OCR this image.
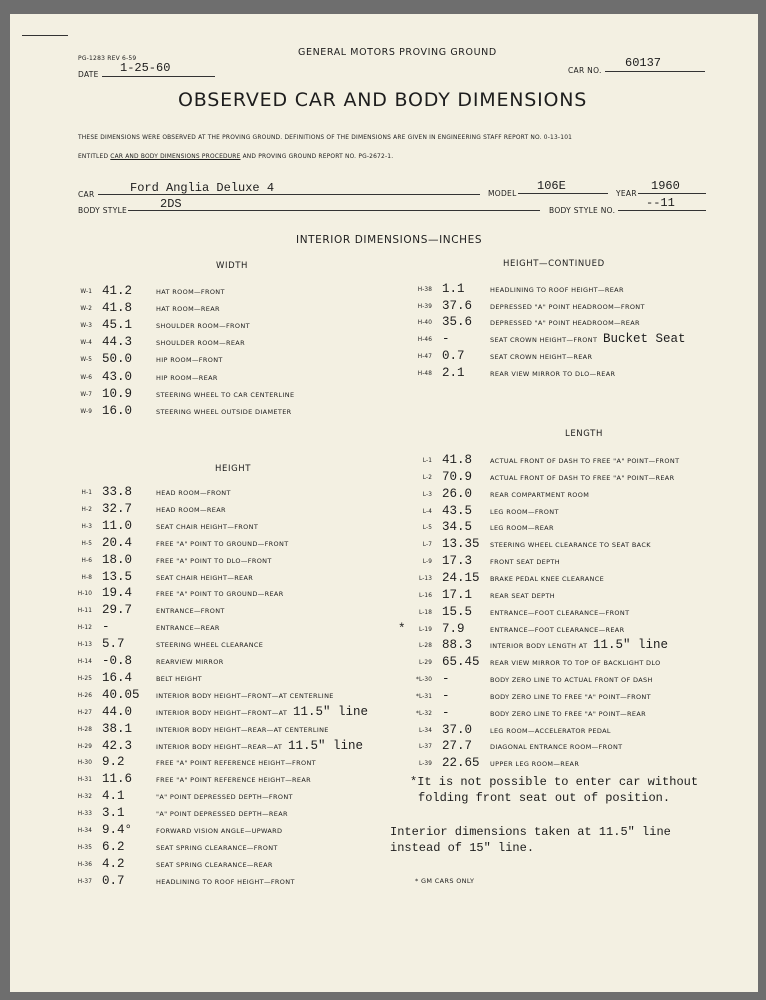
PG-1283 REV 6-59
GENERAL MOTORS PROVING GROUND
DATE 1-25-60	CAR NO.
60137
OBSERVED CAR AND BODY DIMENSIONS
THESE DIMENSIONS WERE OBSERVED AT THE PROVING GROUND. DEFINITIONS OF THE DIMENSIONS ARE GIVEN IN ENGINEERING STAFF REPORT NO. 0-13-101
ENTITLED CAR AND BODY DIMENSIONS PROCEDURE AND PROVING GROUND REPORT NO. PG-2672-1.
CAR	Ford Anglia Deluxe 4	MODEL
106E
YEAR
1960
BODY STYLE	2DS	BODY STYLE NO.
--11
INTERIOR DIMENSIONS—INCHES
WIDTH	HEIGHT—CONTINUED
LENGTH
HEIGHT
W-1 41.2	HAT ROOM—FRONT
W-2 41.8	HAT ROOM—REAR
W-3 45.1	SHOULDER ROOM—FRONT
W-4 44.3	SHOULDER ROOM—REAR
W-5 50.0	HIP ROOM—FRONT
W-6 43.0	HIP ROOM—REAR
W-7 10.9	STEERING WHEEL TO CAR CENTERLINE
W-9 16.0	STEERING WHEEL OUTSIDE DIAMETER
H-1 33.8	HEAD ROOM—FRONT
H-2 32.7	HEAD ROOM—REAR
H-3 11.0	SEAT CHAIR HEIGHT—FRONT
H-5 20.4	FREE "A" POINT TO GROUND—FRONT
H-6 18.0	FREE "A" POINT TO DLO—FRONT
H-8 13.5	SEAT CHAIR HEIGHT—REAR
H-10 19.4	FREE "A" POINT TO GROUND—REAR
H-11 29.7	ENTRANCE—FRONT
H-12 -	ENTRANCE—REAR
H-13 5.7	STEERING WHEEL CLEARANCE
H-14 -0.8	REARVIEW MIRROR
H-25 16.4	BELT HEIGHT
H-26 40.05	INTERIOR BODY HEIGHT—FRONT—AT CENTERLINE
H-27 44.0	INTERIOR BODY HEIGHT—FRONT—AT 11.5" line
H-28 38.1	INTERIOR BODY HEIGHT—REAR—AT CENTERLINE
H-29 42.3	INTERIOR BODY HEIGHT—REAR—AT 11.5" line
H-30 9.2	FREE "A" POINT REFERENCE HEIGHT—FRONT
H-31 11.6	FREE "A" POINT REFERENCE HEIGHT—REAR
H-32 4.1	"A" POINT DEPRESSED DEPTH—FRONT
H-33 3.1	"A" POINT DEPRESSED DEPTH—REAR
H-34 9.4°	FORWARD VISION ANGLE—UPWARD
H-35 6.2	SEAT SPRING CLEARANCE—FRONT
H-36 4.2	SEAT SPRING CLEARANCE—REAR
H-37 0.7	HEADLINING TO ROOF HEIGHT—FRONT
H-38 1.1	HEADLINING TO ROOF HEIGHT—REAR
H-39 37.6	DEPRESSED "A" POINT HEADROOM—FRONT
H-40 35.6	DEPRESSED "A" POINT HEADROOM—REAR
H-46 -	SEAT CROWN HEIGHT—FRONT Bucket Seat
H-47 0.7	SEAT CROWN HEIGHT—REAR
H-48 2.1	REAR VIEW MIRROR TO DLO—REAR
L-1 41.8	ACTUAL FRONT OF DASH TO FREE "A" POINT—FRONT
L-2 70.9	ACTUAL FRONT OF DASH TO FREE "A" POINT—REAR
L-3 26.0	REAR COMPARTMENT ROOM
L-4 43.5	LEG ROOM—FRONT
L-5 34.5	LEG ROOM—REAR
L-7 13.35 STEERING WHEEL CLEARANCE TO SEAT BACK
L-9 17.3	FRONT SEAT DEPTH
L-13 24.15 BRAKE PEDAL KNEE CLEARANCE
L-16 17.1	REAR SEAT DEPTH
L-18 15.5	ENTRANCE—FOOT CLEARANCE—FRONT
*	L-19 7.9	ENTRANCE—FOOT CLEARANCE—REAR
L-28 88.3	INTERIOR BODY LENGTH AT 11.5" line
L-29 65.45 REAR VIEW MIRROR TO TOP OF BACKLIGHT DLO
*L-30 -	BODY ZERO LINE TO ACTUAL FRONT OF DASH
*L-31 -	BODY ZERO LINE TO FREE "A" POINT—FRONT
*L-32 -	BODY ZERO LINE TO FREE "A" POINT—REAR
L-34 37.0	LEG ROOM—ACCELERATOR PEDAL
L-37 27.7	DIAGONAL ENTRANCE ROOM—FRONT
L-39 22.65 UPPER LEG ROOM—REAR
*It is not possible to enter car without
folding front seat out of position.
Interior dimensions taken at 11.5" line
instead of 15" line.
* GM CARS ONLY
